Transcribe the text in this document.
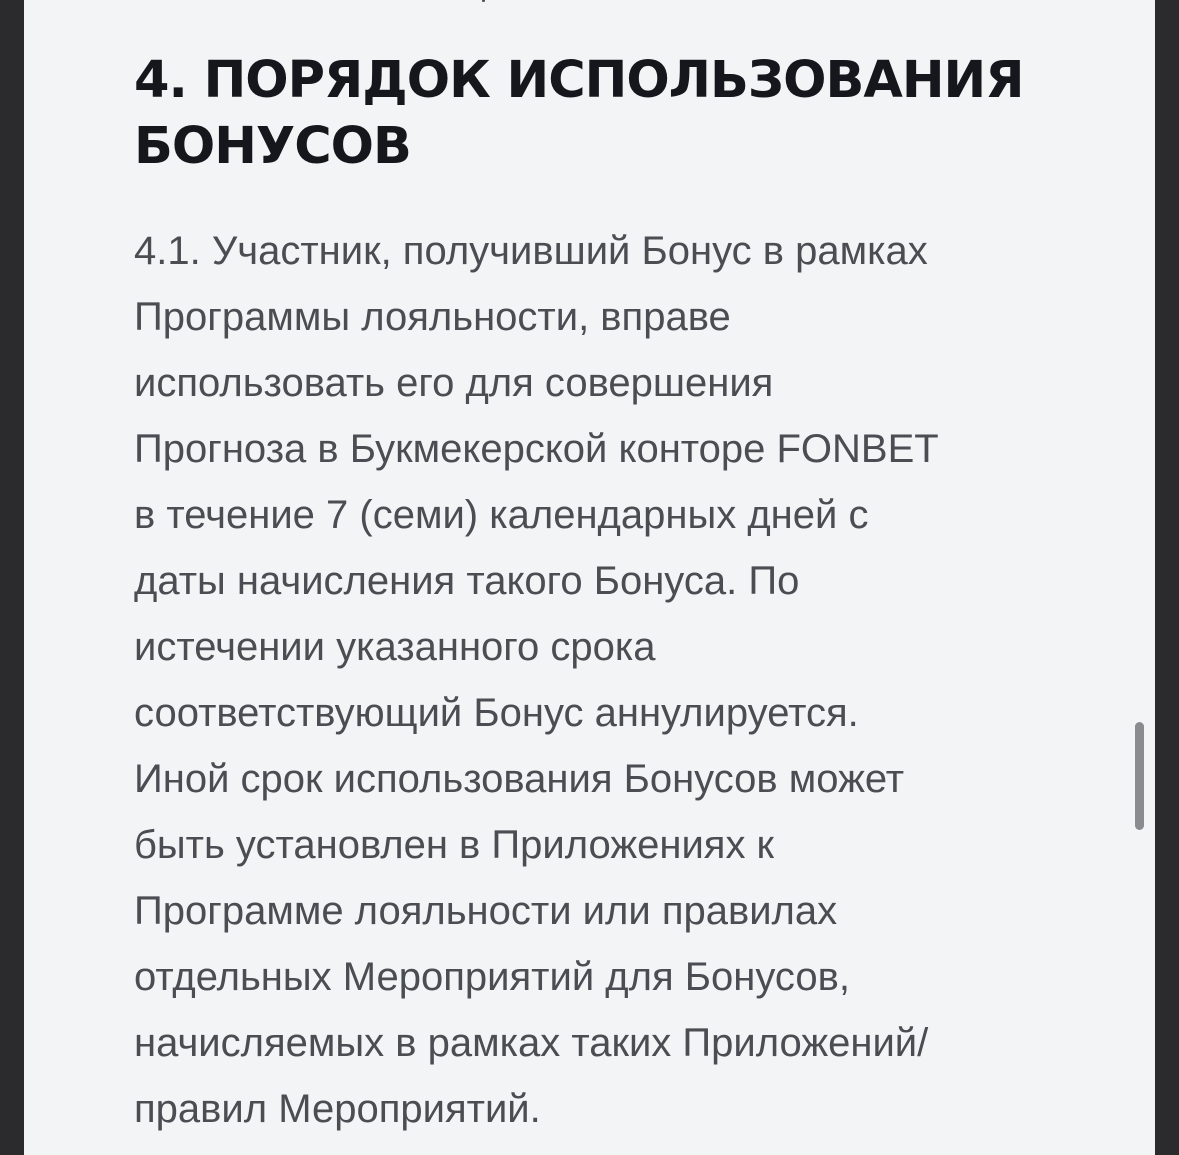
4. ПОРЯДОК ИСПОЛЬЗОВАНИЯ
БОНУСОВ

4.1. Участник, получивший Бонус в рамках
Программы лояльности, вправе
использовать его для совершения
Прогноза в Букмекерской конторе FONBET
в течение 7 (семи) календарных дней с
даты начисления такого Бонуса. По
истечении указанного срока
соответствующий Бонус аннулируется.
Иной срок использования Бонусов может
быть установлен в Приложениях к
Программе лояльности или правилах
отдельных Мероприятий для Бонусов,
начисляемых в рамках таких Приложений/
правил Мероприятий.
